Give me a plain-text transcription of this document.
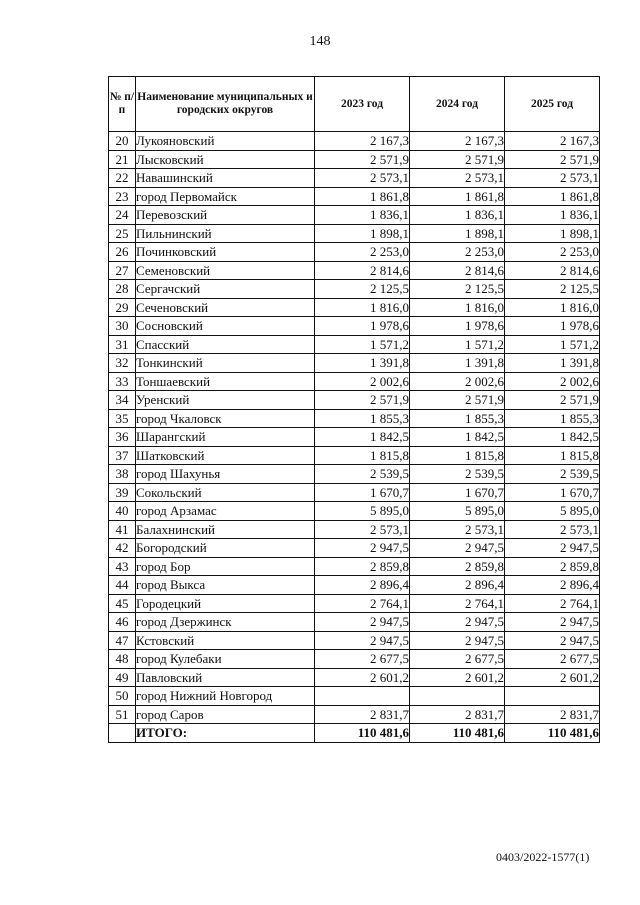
148
№ п/п	Наименование муниципальных и городских округов	2023 год	2024 год	2025 год
20	Лукояновский	2 167,3	2 167,3	2 167,3
21	Лысковский	2 571,9	2 571,9	2 571,9
22	Навашинский	2 573,1	2 573,1	2 573,1
23	город Первомайск	1 861,8	1 861,8	1 861,8
24	Перевозский	1 836,1	1 836,1	1 836,1
25	Пильнинский	1 898,1	1 898,1	1 898,1
26	Починковский	2 253,0	2 253,0	2 253,0
27	Семеновский	2 814,6	2 814,6	2 814,6
28	Сергачский	2 125,5	2 125,5	2 125,5
29	Сеченовский	1 816,0	1 816,0	1 816,0
30	Сосновский	1 978,6	1 978,6	1 978,6
31	Спасский	1 571,2	1 571,2	1 571,2
32	Тонкинский	1 391,8	1 391,8	1 391,8
33	Тоншаевский	2 002,6	2 002,6	2 002,6
34	Уренский	2 571,9	2 571,9	2 571,9
35	город Чкаловск	1 855,3	1 855,3	1 855,3
36	Шарангский	1 842,5	1 842,5	1 842,5
37	Шатковский	1 815,8	1 815,8	1 815,8
38	город Шахунья	2 539,5	2 539,5	2 539,5
39	Сокольский	1 670,7	1 670,7	1 670,7
40	город Арзамас	5 895,0	5 895,0	5 895,0
41	Балахнинский	2 573,1	2 573,1	2 573,1
42	Богородский	2 947,5	2 947,5	2 947,5
43	город Бор	2 859,8	2 859,8	2 859,8
44	город Выкса	2 896,4	2 896,4	2 896,4
45	Городецкий	2 764,1	2 764,1	2 764,1
46	город Дзержинск	2 947,5	2 947,5	2 947,5
47	Кстовский	2 947,5	2 947,5	2 947,5
48	город Кулебаки	2 677,5	2 677,5	2 677,5
49	Павловский	2 601,2	2 601,2	2 601,2
50	город Нижний Новгород			
51	город Саров	2 831,7	2 831,7	2 831,7
	ИТОГО:	110 481,6	110 481,6	110 481,6
0403/2022-1577(1)
